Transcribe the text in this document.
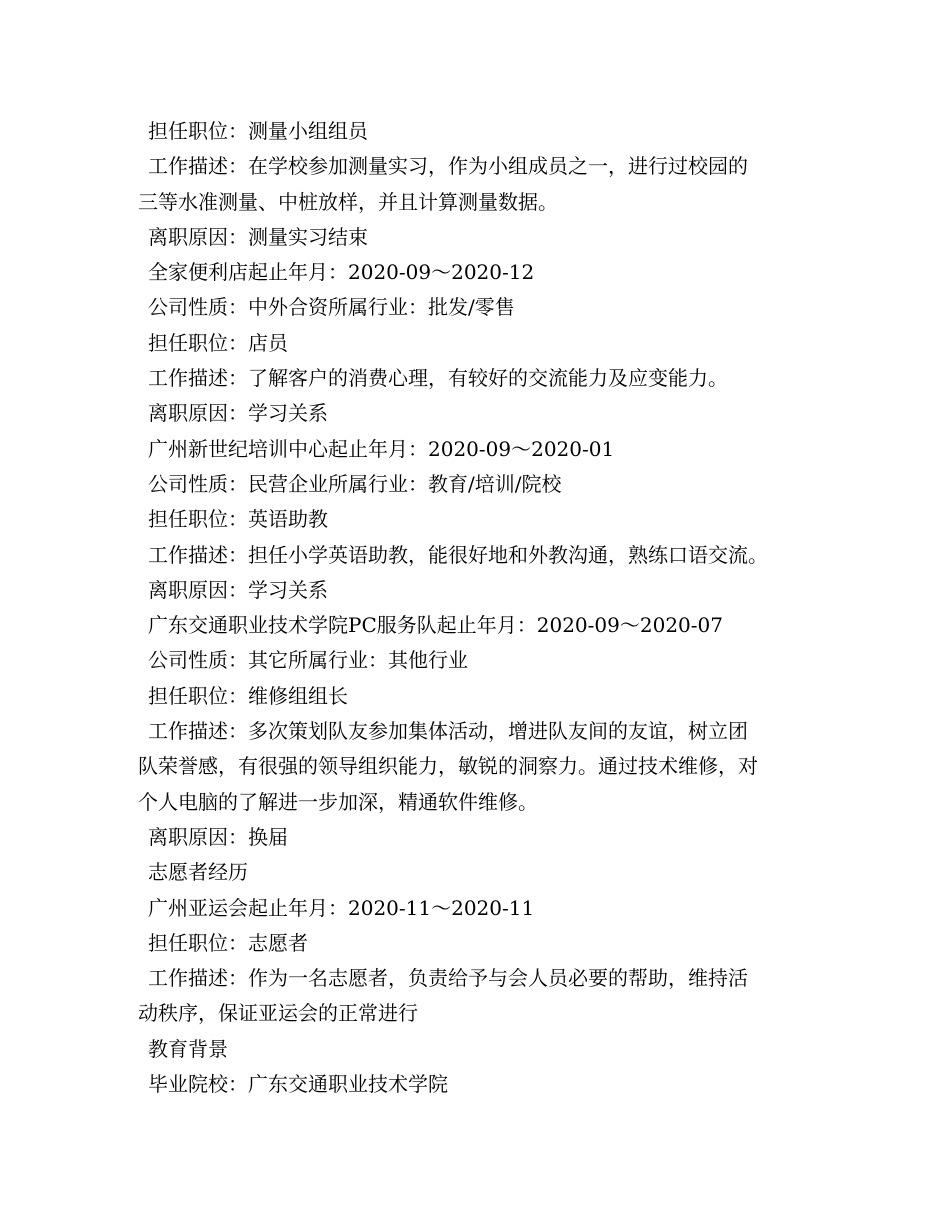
担任职位：测量小组组员
工作描述：在学校参加测量实习，作为小组成员之一，进行过校园的
三等水准测量、中桩放样，并且计算测量数据。
离职原因：测量实习结束
全家便利店起止年月：2020-09～2020-12
公司性质：中外合资所属行业：批发/零售
担任职位：店员
工作描述：了解客户的消费心理，有较好的交流能力及应变能力。
离职原因：学习关系
广州新世纪培训中心起止年月：2020-09～2020-01
公司性质：民营企业所属行业：教育/培训/院校
担任职位：英语助教
工作描述：担任小学英语助教，能很好地和外教沟通，熟练口语交流。
离职原因：学习关系
广东交通职业技术学院PC服务队起止年月：2020-09～2020-07
公司性质：其它所属行业：其他行业
担任职位：维修组组长
工作描述：多次策划队友参加集体活动，增进队友间的友谊，树立团
队荣誉感，有很强的领导组织能力，敏锐的洞察力。通过技术维修，对
个人电脑的了解进一步加深，精通软件维修。
离职原因：换届
志愿者经历
广州亚运会起止年月：2020-11～2020-11
担任职位：志愿者
工作描述：作为一名志愿者，负责给予与会人员必要的帮助，维持活
动秩序，保证亚运会的正常进行
教育背景
毕业院校：广东交通职业技术学院
